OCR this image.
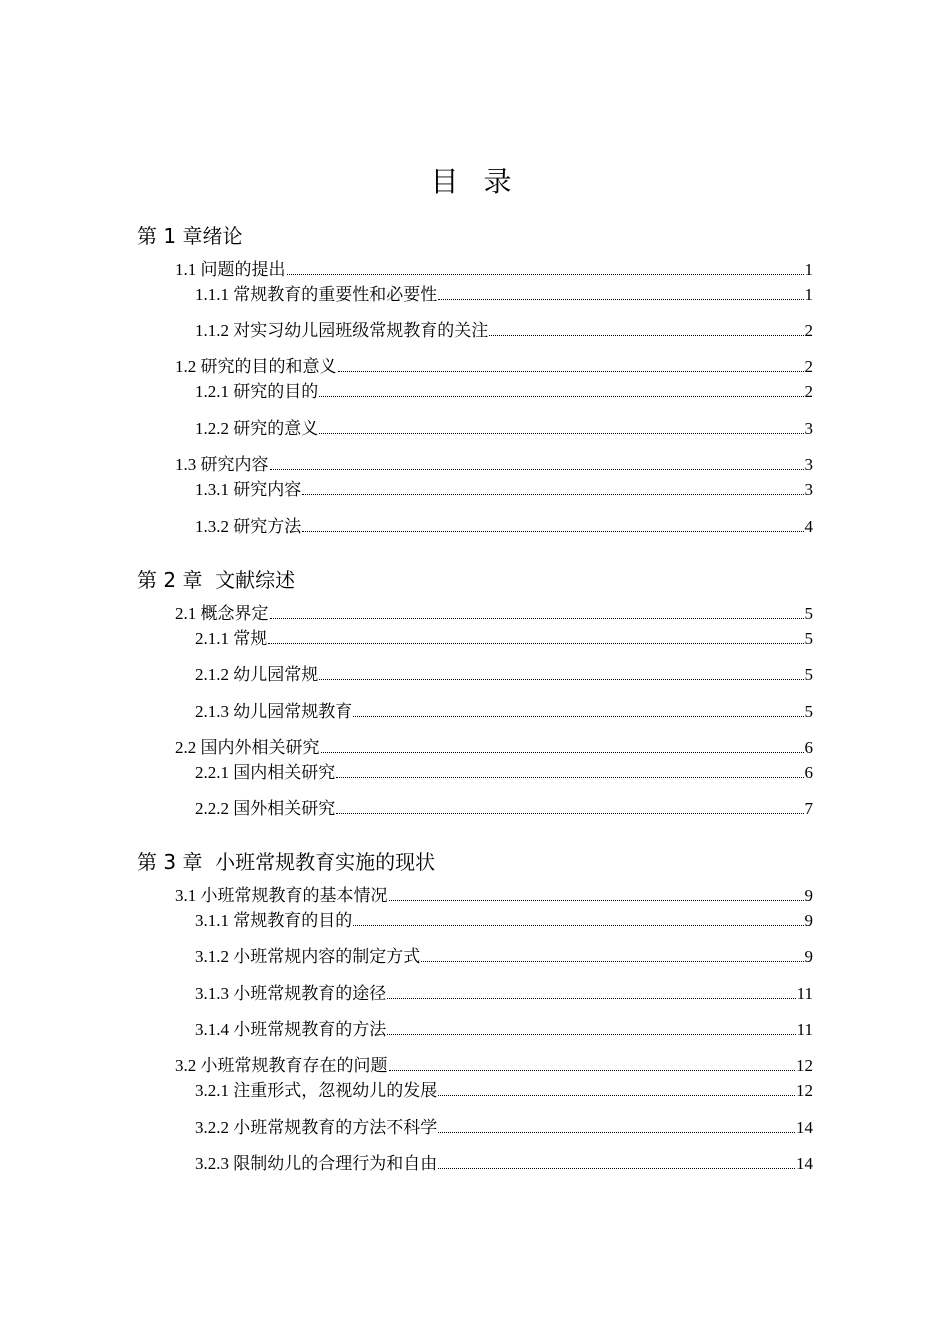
目 录
第 1 章绪论
1.1 问题的提出	1
1.1.1 常规教育的重要性和必要性	1
1.1.2 对实习幼儿园班级常规教育的关注	2
1.2 研究的目的和意义	2
1.2.1 研究的目的	2
1.2.2 研究的意义	3
1.3 研究内容	3
1.3.1 研究内容	3
1.3.2 研究方法	4
第 2 章  文献综述
2.1 概念界定	5
2.1.1 常规	5
2.1.2 幼儿园常规	5
2.1.3 幼儿园常规教育	5
2.2 国内外相关研究	6
2.2.1 国内相关研究	6
2.2.2 国外相关研究	7
第 3 章  小班常规教育实施的现状
3.1 小班常规教育的基本情况	9
3.1.1 常规教育的目的	9
3.1.2 小班常规内容的制定方式	9
3.1.3 小班常规教育的途径	11
3.1.4 小班常规教育的方法	11
3.2 小班常规教育存在的问题	12
3.2.1 注重形式，忽视幼儿的发展	12
3.2.2 小班常规教育的方法不科学	14
3.2.3 限制幼儿的合理行为和自由	14
